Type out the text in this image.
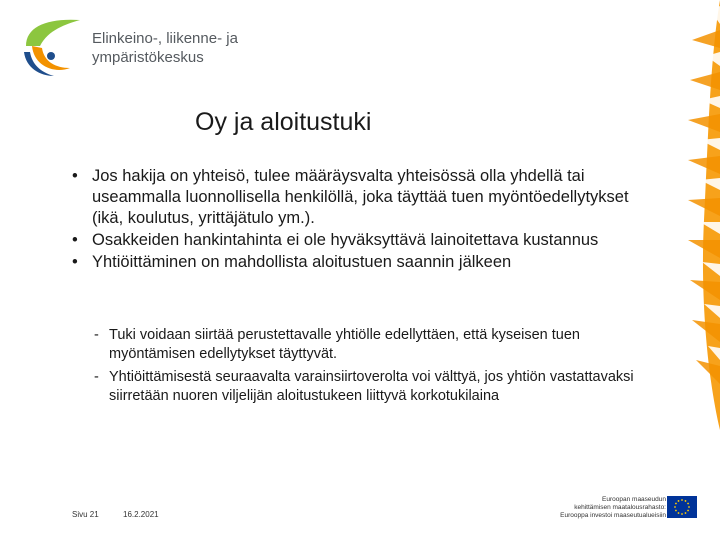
Elinkeino-, liikenne- ja
ympäristökeskus
Oy ja aloitustuki
• Jos hakija on yhteisö, tulee määräysvalta yhteisössä olla yhdellä tai useammalla luonnollisella henkilöllä, joka täyttää tuen myöntöedellytykset (ikä, koulutus, yrittäjätulo ym.).
• Osakkeiden hankintahinta ei ole hyväksyttävä lainoitettava kustannus
• Yhtiöittäminen on mahdollista aloitustuen saannin jälkeen
- Tuki voidaan siirtää perustettavalle yhtiölle edellyttäen, että kyseisen tuen myöntämisen edellytykset täyttyvät.
- Yhtiöittämisestä seuraavalta varainsiirtoverolta voi välttyä, jos yhtiön vastattavaksi siirretään nuoren viljelijän aloitustukeen liittyvä korkotukilaina
Sivu 21	16.2.2021
Euroopan maaseudun
kehittämisen maatalousrahasto:
Eurooppa investoi maaseutualueisiin
